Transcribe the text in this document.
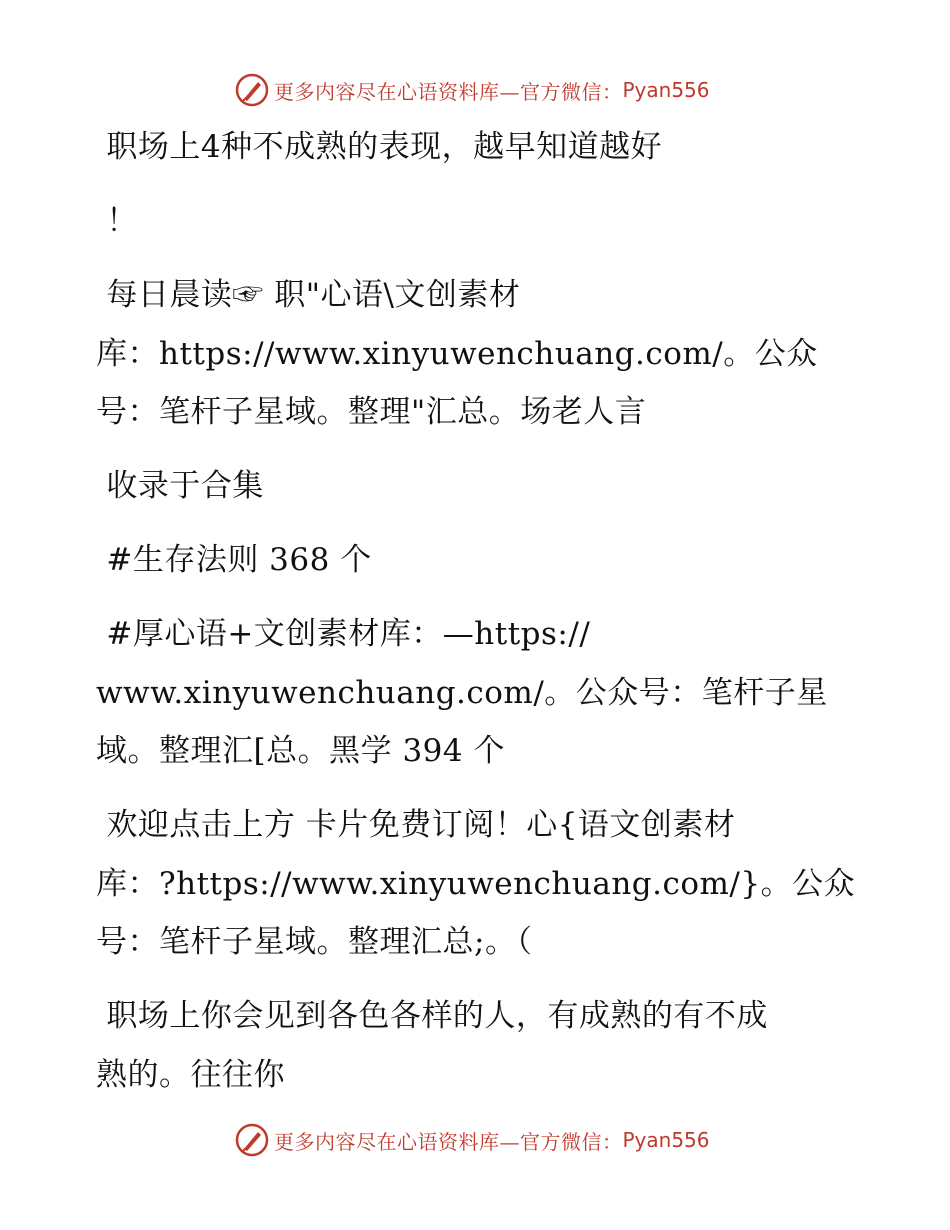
更多内容尽在心语资料库—官方微信： Pyan556
职场上4种不成熟的表现，越早知道越好
！
每日晨读☞ 职"心语\文创素材
库：https://www.xinyuwenchuang.com/。公众
号：笔杆子星域。整理"汇总。场老人言
收录于合集
#生存法则 368 个
#厚心语+文创素材库：—https://
www.xinyuwenchuang.com/。公众号：笔杆子星
域。整理汇[总。黑学 394 个
欢迎点击上方 卡片免费订阅！心{语文创素材
库：?https://www.xinyuwenchuang.com/}。公众
号：笔杆子星域。整理汇总;。（
职场上你会见到各色各样的人，有成熟的有不成
熟的。往往你
更多内容尽在心语资料库—官方微信： Pyan556
